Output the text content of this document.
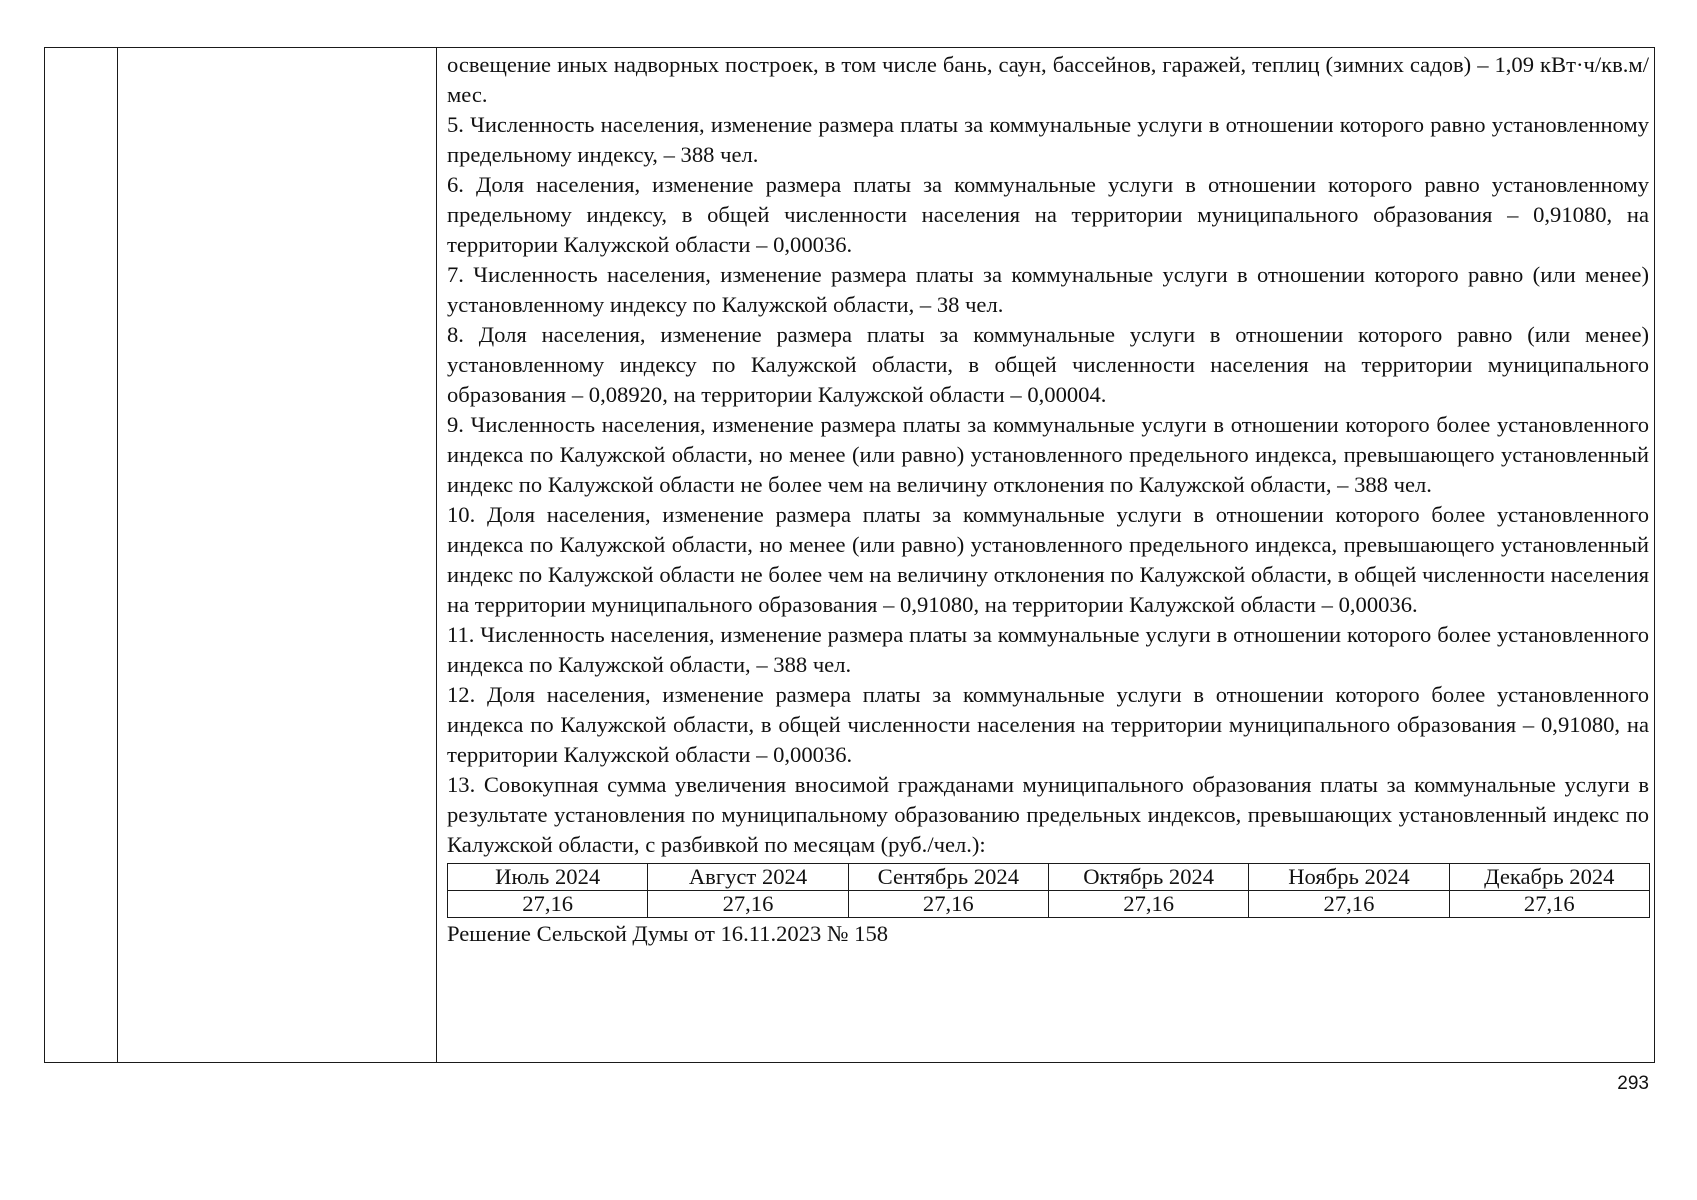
освещение иных надворных построек, в том числе бань, саун, бассейнов, гаражей, теплиц (зимних садов) – 1,09 кВт·ч/кв.м/мес.

5. Численность населения, изменение размера платы за коммунальные услуги в отношении которого равно установленному предельному индексу, – 388 чел.

6. Доля населения, изменение размера платы за коммунальные услуги в отношении которого равно установленному предельному индексу, в общей численности населения на территории муниципального образования – 0,91080, на территории Калужской области – 0,00036.

7. Численность населения, изменение размера платы за коммунальные услуги в отношении которого равно (или менее) установленному индексу по Калужской области, – 38 чел.

8. Доля населения, изменение размера платы за коммунальные услуги в отношении которого равно (или менее) установленному индексу по Калужской области, в общей численности населения на территории муниципального образования – 0,08920, на территории Калужской области – 0,00004.

9. Численность населения, изменение размера платы за коммунальные услуги в отношении которого более установленного индекса по Калужской области, но менее (или равно) установленного предельного индекса, превышающего установленный индекс по Калужской области не более чем на величину отклонения по Калужской области, – 388 чел.

10. Доля населения, изменение размера платы за коммунальные услуги в отношении которого более установленного индекса по Калужской области, но менее (или равно) установленного предельного индекса, превышающего установленный индекс по Калужской области не более чем на величину отклонения по Калужской области, в общей численности населения на территории муниципального образования – 0,91080, на территории Калужской области – 0,00036.

11. Численность населения, изменение размера платы за коммунальные услуги в отношении которого более установленного индекса по Калужской области, – 388 чел.

12. Доля населения, изменение размера платы за коммунальные услуги в отношении которого более установленного индекса по Калужской области, в общей численности населения на территории муниципального образования – 0,91080, на территории Калужской области – 0,00036.

13. Совокупная сумма увеличения вносимой гражданами муниципального образования платы за коммунальные услуги в результате установления по муниципальному образованию предельных индексов, превышающих установленный индекс по Калужской области, с разбивкой по месяцам (руб./чел.):

Июль 2024	Август 2024	Сентябрь 2024	Октябрь 2024	Ноябрь 2024	Декабрь 2024
27,16	27,16	27,16	27,16	27,16	27,16

Решение Сельской Думы от 16.11.2023 № 158

293
